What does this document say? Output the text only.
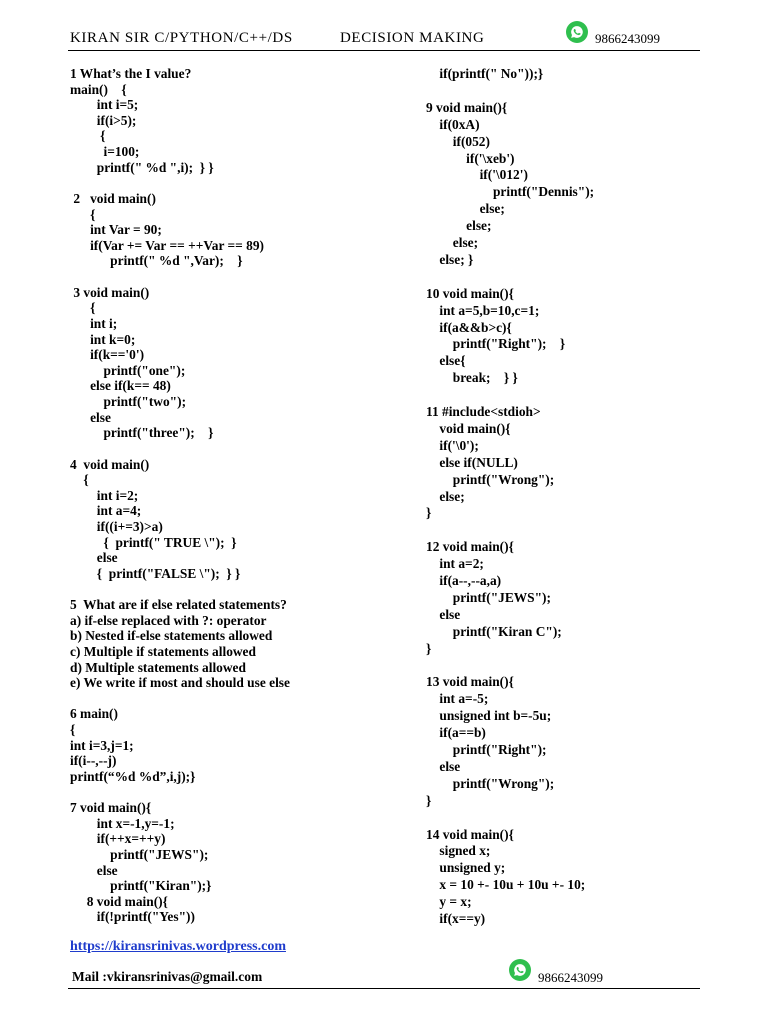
KIRAN SIR C/PYTHON/C++/DS	DECISION MAKING	9866243099
1 What’s the I value?
main()    {
int i=5;
if(i>5);
{
i=100;
printf(" %d ",i);  } }
2   void main()
{
int Var = 90;
if(Var += Var == ++Var == 89)
printf(" %d ",Var);    }
3 void main()
{
int i;
int k=0;
if(k=='0')
printf("one");
else if(k== 48)
printf("two");
else
printf("three");    }
4  void main()
{
int i=2;
int a=4;
if((i+=3)>a)
{  printf(" TRUE \");  }
else
{  printf("FALSE \");  } }
5  What are if else related statements?
a) if-else replaced with ?: operator
b) Nested if-else statements allowed
c) Multiple if statements allowed
d) Multiple statements allowed
e) We write if most and should use else
6 main()
{
int i=3,j=1;
if(i--,--j)
printf(“%d %d”,i,j);}
7 void main(){
int x=-1,y=-1;
if(++x=++y)
printf("JEWS");
else
printf("Kiran");}
8 void main(){
if(!printf("Yes"))
if(printf(" No"));}
9 void main(){
if(0xA)
if(052)
if('\xeb')
if('\012')
printf("Dennis");
else;
else;
else;
else; }
10 void main(){
int a=5,b=10,c=1;
if(a&&b>c){
printf("Right");    }
else{
break;    } }
11 #include<stdioh>
void main(){
if('\0');
else if(NULL)
printf("Wrong");
else;
}
12 void main(){
int a=2;
if(a--,--a,a)
printf("JEWS");
else
printf("Kiran C");
}
13 void main(){
int a=-5;
unsigned int b=-5u;
if(a==b)
printf("Right");
else
printf("Wrong");
}
14 void main(){
signed x;
unsigned y;
x = 10 +- 10u + 10u +- 10;
y = x;
if(x==y)
https://kiransrinivas.wordpress.com
Mail :vkiransrinivas@gmail.com	9866243099
